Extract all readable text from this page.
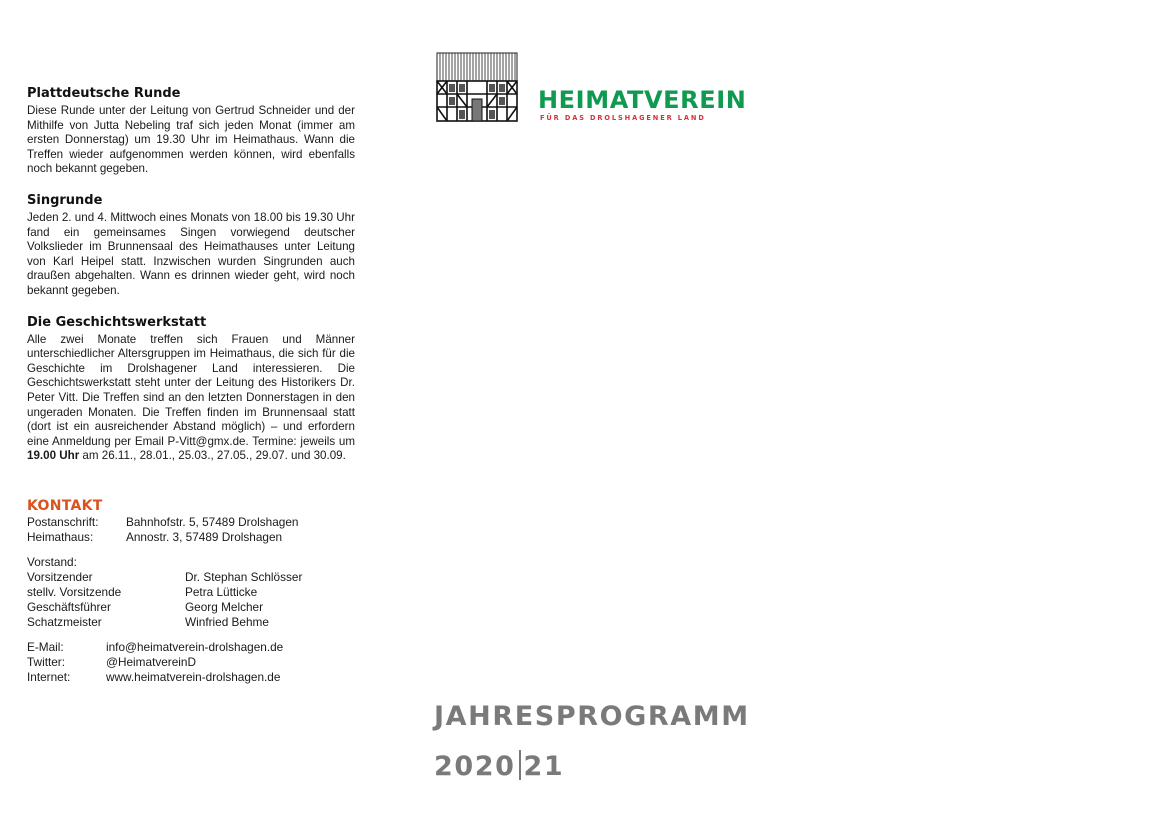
Plattdeutsche Runde

Diese Runde unter der Leitung von Gertrud Schneider und der Mithilfe von Jutta Nebeling traf sich jeden Monat (immer am ersten Donnerstag) um 19.30 Uhr im Heimathaus. Wann die Treffen wieder aufgenommen werden können, wird ebenfalls noch bekannt gegeben.

Singrunde

Jeden 2. und 4. Mittwoch eines Monats von 18.00 bis 19.30 Uhr fand ein gemeinsames Singen vorwiegend deutscher Volkslieder im Brunnensaal des Heimathauses unter Leitung von Karl Heipel statt. Inzwischen wurden Singrunden auch draußen abgehalten. Wann es drinnen wieder geht, wird noch bekannt gegeben.

Die Geschichtswerkstatt

Alle zwei Monate treffen sich Frauen und Männer unterschiedlicher Altersgruppen im Heimathaus, die sich für die Geschichte im Drolshagener Land interessieren. Die Geschichtswerkstatt steht unter der Leitung des Historikers Dr. Peter Vitt. Die Treffen sind an den letzten Donnerstagen in den ungeraden Monaten. Die Treffen finden im Brunnensaal statt (dort ist ein ausreichender Abstand möglich) – und erfordern eine Anmeldung per Email P-Vitt@gmx.de. Termine: jeweils um 19.00 Uhr am 26.11., 28.01., 25.03., 27.05., 29.07. und 30.09.

KONTAKT
Postanschrift:	Bahnhofstr. 5, 57489 Drolshagen
Heimathaus:	Annostr. 3, 57489 Drolshagen
Vorstand:
Vorsitzender	Dr. Stephan Schlösser
stellv. Vorsitzende	Petra Lütticke
Geschäftsführer	Georg Melcher
Schatzmeister	Winfried Behme
E-Mail:	info@heimatverein-drolshagen.de
Twitter:	@HeimatvereinD
Internet:	www.heimatverein-drolshagen.de
HEIMATVEREIN
FÜR DAS DROLSHAGENER LAND
JAHRESPROGRAMM
2020 21
